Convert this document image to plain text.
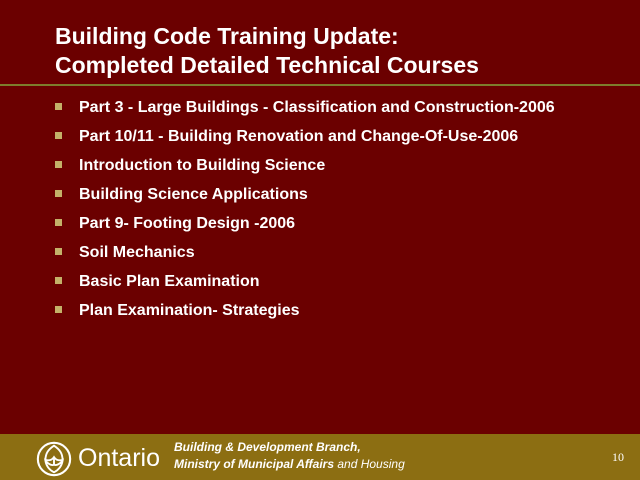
Building Code Training Update:
Completed Detailed Technical Courses
Part 3 - Large Buildings - Classification and Construction-2006
Part 10/11 - Building Renovation and Change-Of-Use-2006
Introduction to Building Science
Building Science Applications
Part 9- Footing Design -2006
Soil Mechanics
Basic Plan Examination
Plan Examination- Strategies
Ontario Building & Development Branch,
Ministry of Municipal Affairs and Housing	10
